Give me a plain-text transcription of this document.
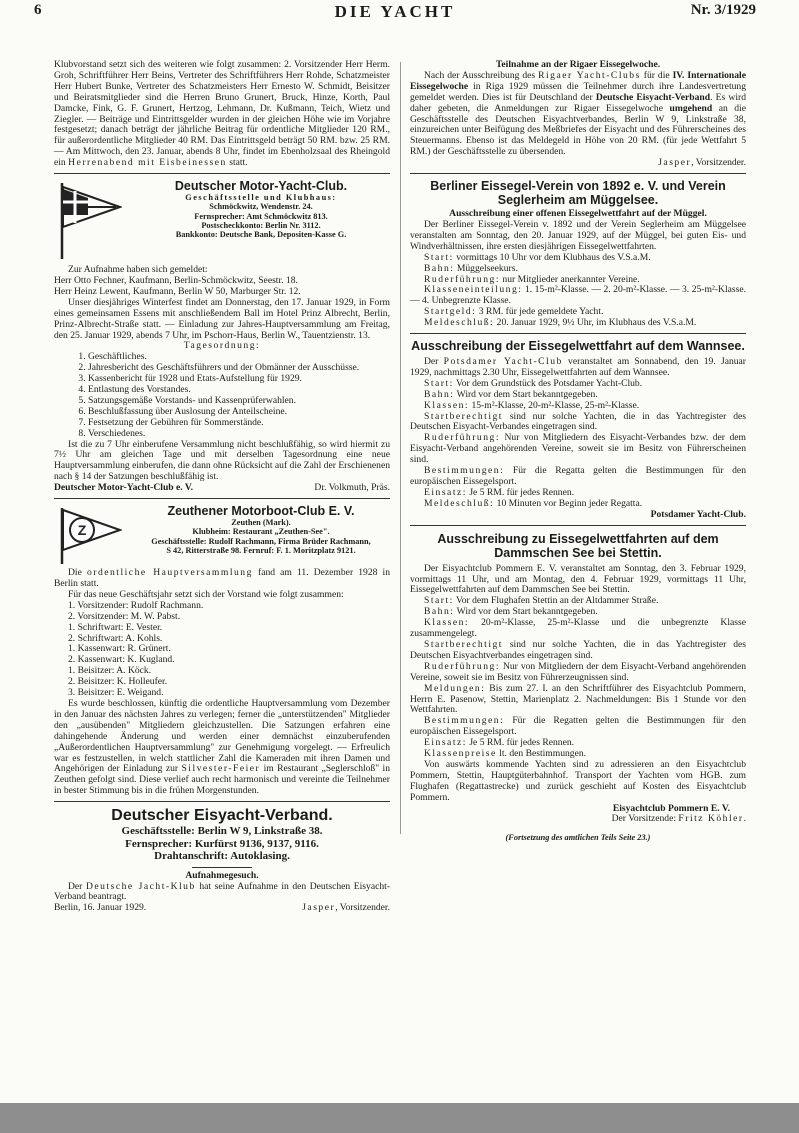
6	DIE YACHT	Nr. 3/1929

Klubvorstand setzt sich des weiteren wie folgt zusammen: 2. Vorsitzender Herr Herm. Groh, Schriftführer Herr Beins, Vertreter des Schriftführers Herr Rohde, Schatzmeister Herr Hubert Bunke, Vertreter des Schatzmeisters Herr Ernesto W. Schmidt, Beisitzer und Beiratsmitglieder sind die Herren Bruno Grunert, Bruck, Hinze, Korth, Paul Damcke, Fink, G. F. Grunert, Hertzog, Lehmann, Dr. Kußmann, Teich, Wietz und Ziegler. — Beiträge und Eintrittsgelder wurden in der gleichen Höhe wie im Vorjahre festgesetzt; danach beträgt der jährliche Beitrag für ordentliche Mitglieder 120 RM., für außerordentliche Mitglieder 40 RM. Das Eintrittsgeld beträgt 50 RM. bzw. 25 RM. — Am Mittwoch, den 23. Januar, abends 8 Uhr, findet im Ebenholzsaal des Rheingold ein Herrenabend mit Eisbeinessen statt.

Deutscher Motor-Yacht-Club.
Geschäftsstelle und Klubhaus:
Schmöckwitz, Wendenstr. 24.
Fernsprecher: Amt Schmöckwitz 813.
Postscheckkonto: Berlin Nr. 3112.
Bankkonto: Deutsche Bank, Depositen-Kasse G.

Zur Aufnahme haben sich gemeldet:

Herr Otto Fechner, Kaufmann, Berlin-Schmöckwitz, Seestr. 18.

Herr Heinz Lewent, Kaufmann, Berlin W 50, Marburger Str. 12.

Unser diesjähriges Winterfest findet am Donnerstag, den 17. Januar 1929, in Form eines gemeinsamen Essens mit anschließendem Ball im Hotel Prinz Albrecht, Berlin, Prinz-Albrecht-Straße statt. — Einladung zur Jahres-Hauptversammlung am Freitag, den 25. Januar 1929, abends 7 Uhr, im Pschorr-Haus, Berlin W., Tauentzienstr. 13.

Tagesordnung:
1. Geschäftliches.
2. Jahresbericht des Geschäftsführers und der Obmänner der Ausschüsse.
3. Kassenbericht für 1928 und Etats-Aufstellung für 1929.
4. Entlastung des Vorstandes.
5. Satzungsgemäße Vorstands- und Kassenprüferwahlen.
6. Beschlußfassung über Auslosung der Anteilscheine.
7. Festsetzung der Gebühren für Sommerstände.
8. Verschiedenes.

Ist die zu 7 Uhr einberufene Versammlung nicht beschlußfähig, so wird hiermit zu 7½ Uhr am gleichen Tage und mit derselben Tagesordnung eine neue Hauptversammlung einberufen, die dann ohne Rücksicht auf die Zahl der Erschienenen nach § 14 der Satzungen beschlußfähig ist.

Deutscher Motor-Yacht-Club e. V.	Dr. Volkmuth, Präs.
Z
Zeuthener Motorboot-Club E. V.
Zeuthen (Mark).
Klubheim: Restaurant „Zeuthen-See".
Geschäftsstelle: Rudolf Rachmann, Firma Brüder Rachmann,
S 42, Ritterstraße 98. Fernruf: F. 1. Moritzplatz 9121.

Die ordentliche Hauptversammlung fand am 11. Dezember 1928 in Berlin statt.

Für das neue Geschäftsjahr setzt sich der Vorstand wie folgt zusammen:

1. Vorsitzender: Rudolf Rachmann.
2. Vorsitzender: M. W. Pabst.
1. Schriftwart: E. Vester.
2. Schriftwart: A. Kohls.
1. Kassenwart: R. Grünert.
2. Kassenwart: K. Kugland.
1. Beisitzer: A. Köck.
2. Beisitzer: K. Holleufer.
3. Beisitzer: E. Weigand.

Es wurde beschlossen, künftig die ordentliche Hauptversammlung vom Dezember in den Januar des nächsten Jahres zu verlegen; ferner die „unterstützenden" Mitglieder den „ausübenden" Mitgliedern gleichzustellen. Die Satzungen erfahren eine dahingehende Änderung und werden einer demnächst einzuberufenden „Außerordentlichen Hauptversammlung" zur Genehmigung vorgelegt. — Erfreulich war es festzustellen, in welch stattlicher Zahl die Kameraden mit ihren Damen und Angehörigen der Einladung zur Silvester-Feier im Restaurant „Seglerschloß" in Zeuthen gefolgt sind. Diese verlief auch recht harmonisch und vereinte die Teilnehmer in bester Stimmung bis in die frühen Morgenstunden.

Deutscher Eisyacht-Verband.
Geschäftsstelle: Berlin W 9, Linkstraße 38.
Fernsprecher: Kurfürst 9136, 9137, 9116.
Drahtanschrift: Autoklasing.
Aufnahmegesuch.

Der Deutsche Jacht-Klub hat seine Aufnahme in den Deutschen Eisyacht-Verband beantragt.

Berlin, 16. Januar 1929.	Jasper, Vorsitzender.
Teilnahme an der Rigaer Eissegelwoche.

Nach der Ausschreibung des Rigaer Yacht-Clubs für die IV. Internationale Eissegelwoche in Riga 1929 müssen die Teilnehmer durch ihre Landesvertretung gemeldet werden. Dies ist für Deutschland der Deutsche Eisyacht-Verband. Es wird daher gebeten, die Anmeldungen zur Rigaer Eissegelwoche umgehend an die Geschäftsstelle des Deutschen Eisyachtverbandes, Berlin W 9, Linkstraße 38, einzureichen unter Beifügung des Meßbriefes der Eisyacht und des Führerscheines des Steuermanns. Ebenso ist das Meldegeld in Höhe von 20 RM. (für jede Wettfahrt 5 RM.) der Geschäftsstelle zu übersenden.

Jasper, Vorsitzender.
Berliner Eissegel-Verein von 1892 e. V. und Verein Seglerheim am Müggelsee.
Ausschreibung einer offenen Eissegelwettfahrt auf der Müggel.

Der Berliner Eissegel-Verein v. 1892 und der Verein Seglerheim am Müggelsee veranstalten am Sonntag, den 20. Januar 1929, auf der Müggel, bei guten Eis- und Windverhältnissen, ihre ersten diesjährigen Eissegelwettfahrten.

Start: vormittags 10 Uhr vor dem Klubhaus des V.S.a.M.

Bahn: Müggelseekurs.

Ruderführung: nur Mitglieder anerkannter Vereine.

Klasseneinteilung: 1. 15-m²-Klasse. — 2. 20-m²-Klasse. — 3. 25-m²-Klasse. — 4. Unbegrenzte Klasse.

Startgeld: 3 RM. für jede gemeldete Yacht.

Meldeschluß: 20. Januar 1929, 9½ Uhr, im Klubhaus des V.S.a.M.

Ausschreibung der Eissegelwettfahrt auf dem Wannsee.

Der Potsdamer Yacht-Club veranstaltet am Sonnabend, den 19. Januar 1929, nachmittags 2.30 Uhr, Eissegelwettfahrten auf dem Wannsee.

Start: Vor dem Grundstück des Potsdamer Yacht-Club.

Bahn: Wird vor dem Start bekanntgegeben.

Klassen: 15-m²-Klasse, 20-m²-Klasse, 25-m²-Klasse.

Startberechtigt sind nur solche Yachten, die in das Yachtregister des Deutschen Eisyacht-Verbandes eingetragen sind.

Ruderführung: Nur von Mitgliedern des Eisyacht-Verbandes bzw. der dem Eisyacht-Verband angehörenden Vereine, soweit sie im Besitz von Führerscheinen sind.

Bestimmungen: Für die Regatta gelten die Bestimmungen für den europäischen Eissegelsport.

Einsatz: Je 5 RM. für jedes Rennen.

Meldeschluß: 10 Minuten vor Beginn jeder Regatta.

Potsdamer Yacht-Club.
Ausschreibung zu Eissegelwettfahrten auf dem Dammschen See bei Stettin.

Der Eisyachtclub Pommern E. V. veranstaltet am Sonntag, den 3. Februar 1929, vormittags 11 Uhr, und am Montag, den 4. Februar 1929, vormittags 11 Uhr, Eissegelwettfahrten auf dem Dammschen See bei Stettin.

Start: Vor dem Flughafen Stettin an der Altdammer Straße.

Bahn: Wird vor dem Start bekanntgegeben.

Klassen: 20-m²-Klasse, 25-m²-Klasse und die unbegrenzte Klasse zusammengelegt.

Startberechtigt sind nur solche Yachten, die in das Yachtregister des Deutschen Eisyachtverbandes eingetragen sind.

Ruderführung: Nur von Mitgliedern der dem Eisyacht-Verband angehörenden Vereine, soweit sie im Besitz von Führerzeugnissen sind.

Meldungen: Bis zum 27. I. an den Schriftführer des Eisyachtclub Pommern, Herrn E. Pasenow, Stettin, Marienplatz 2. Nachmeldungen: Bis 1 Stunde vor den Wettfahrten.

Bestimmungen: Für die Regatten gelten die Bestimmungen für den europäischen Eissegelsport.

Einsatz: Je 5 RM. für jedes Rennen.

Klassenpreise lt. den Bestimmungen.

Von auswärts kommende Yachten sind zu adressieren an den Eisyachtclub Pommern, Stettin, Hauptgüterbahnhof. Transport der Yachten vom HGB. zum Flughafen (Regattastrecke) und zurück geschieht auf Kosten des Eisyachtclub Pommern.

Eisyachtclub Pommern E. V.
Der Vorsitzende: Fritz Köhler.
(Fortsetzung des amtlichen Teils Seite 23.)
